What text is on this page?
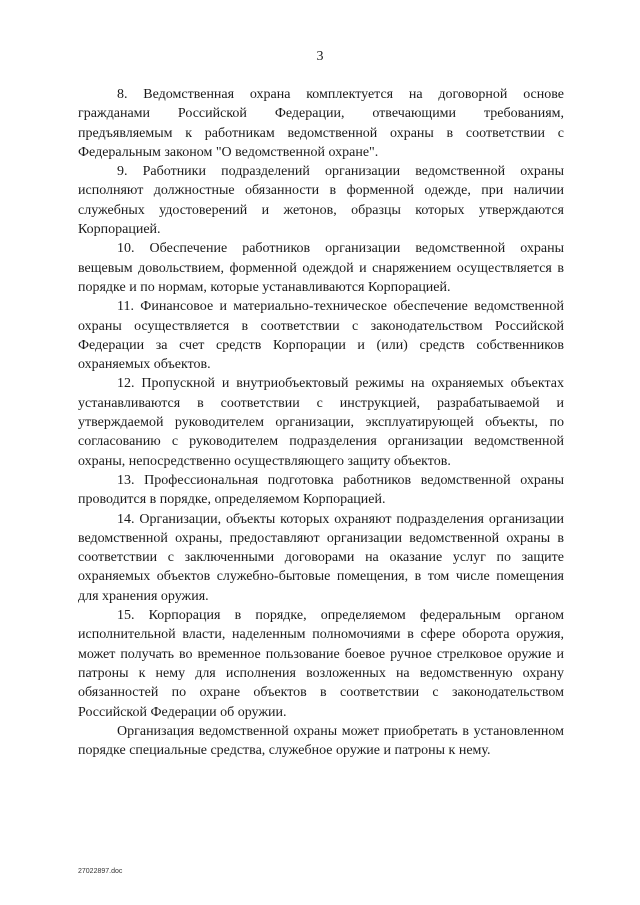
3

8. Ведомственная охрана комплектуется на договорной основе гражданами Российской Федерации, отвечающими требованиям, предъявляемым к работникам ведомственной охраны в соответствии с Федеральным законом "О ведомственной охране".

9. Работники подразделений организации ведомственной охраны исполняют должностные обязанности в форменной одежде, при наличии служебных удостоверений и жетонов, образцы которых утверждаются Корпорацией.

10. Обеспечение работников организации ведомственной охраны вещевым довольствием, форменной одеждой и снаряжением осуществляется в порядке и по нормам, которые устанавливаются Корпорацией.

11. Финансовое и материально-техническое обеспечение ведомственной охраны осуществляется в соответствии с законодательством Российской Федерации за счет средств Корпорации и (или) средств собственников охраняемых объектов.

12. Пропускной и внутриобъектовый режимы на охраняемых объектах устанавливаются в соответствии с инструкцией, разрабатываемой и утверждаемой руководителем организации, эксплуатирующей объекты, по согласованию с руководителем подразделения организации ведомственной охраны, непосредственно осуществляющего защиту объектов.

13. Профессиональная подготовка работников ведомственной охраны проводится в порядке, определяемом Корпорацией.

14. Организации, объекты которых охраняют подразделения организации ведомственной охраны, предоставляют организации ведомственной охраны в соответствии с заключенными договорами на оказание услуг по защите охраняемых объектов служебно-бытовые помещения, в том числе помещения для хранения оружия.

15. Корпорация в порядке, определяемом федеральным органом исполнительной власти, наделенным полномочиями в сфере оборота оружия, может получать во временное пользование боевое ручное стрелковое оружие и патроны к нему для исполнения возложенных на ведомственную охрану обязанностей по охране объектов в соответствии с законодательством Российской Федерации об оружии.

Организация ведомственной охраны может приобретать в установленном порядке специальные средства, служебное оружие и патроны к нему.

27022897.doc
